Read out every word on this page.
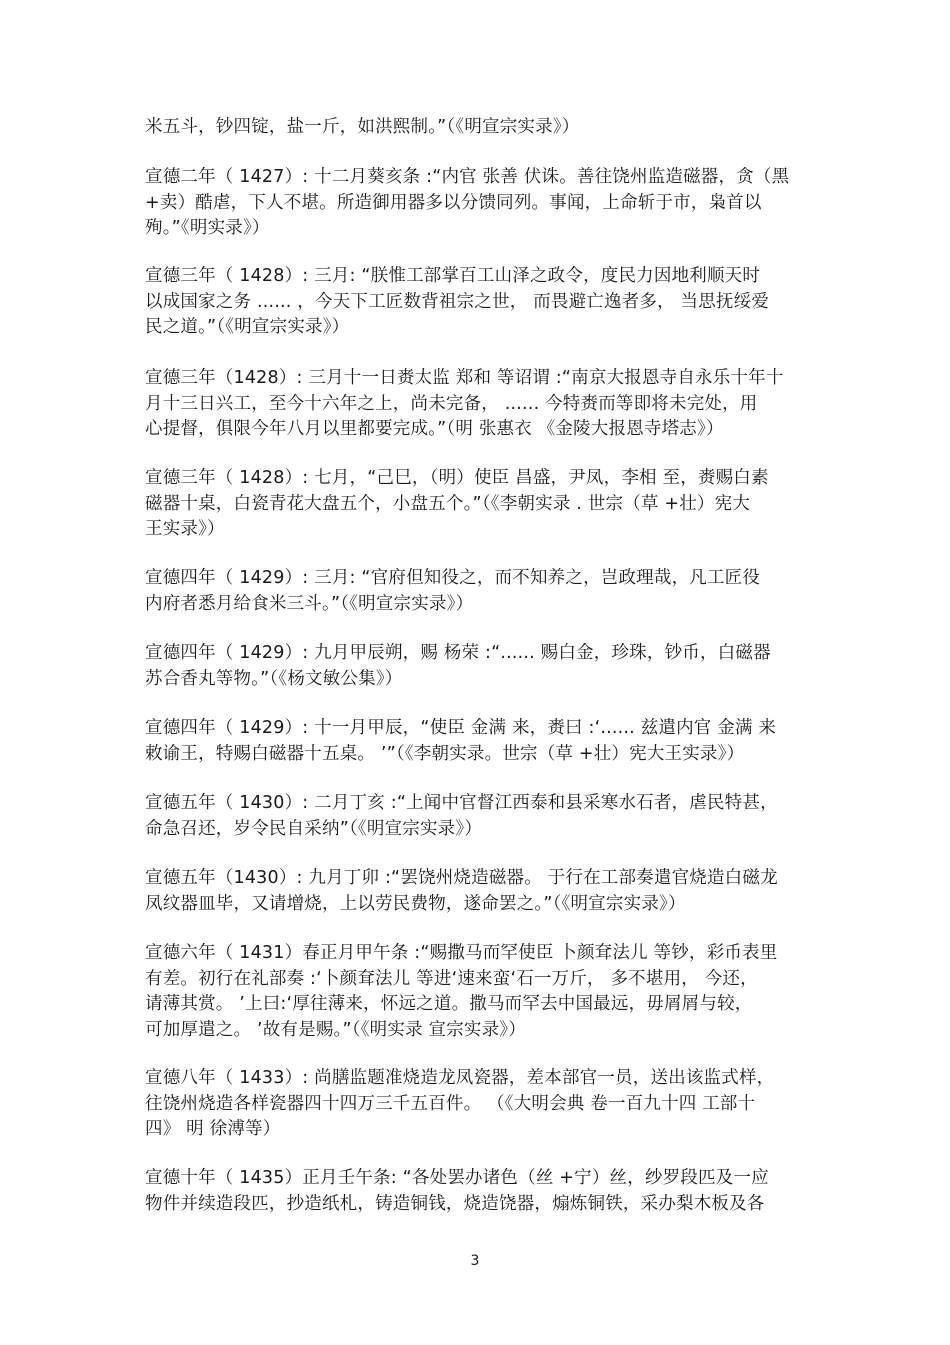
米五斗，钞四锭，盐一斤，如洪熙制。”（《明宣宗实录》）
宣德二年（ 1427）: 十二月葵亥条 :“内官 张善 伏诛。善往饶州监造磁器，贪（黑
+卖）酷虐，下人不堪。所造御用器多以分馈同列。事闻，上命斩于市，枭首以
殉。”《明实录》）
宣德三年（ 1428）: 三月: “朕惟工部掌百工山泽之政令，度民力因地利顺天时
以成国家之务 ...... ，今天下工匠数背祖宗之世， 而畏避亡逸者多， 当思抚绥爱
民之道。”（《明宣宗实录》）
宣德三年（1428）: 三月十一日赉太监 郑和 等诏谓 :“南京大报恩寺自永乐十年十
月十三日兴工，至今十六年之上，尚未完备， ...... 今特赉而等即将未完处，用
心提督，俱限今年八月以里都要完成。”（明 张惠衣 《金陵大报恩寺塔志》）
宣德三年（ 1428）: 七月，“己巳，（明）使臣 昌盛，尹凤，李相 至，赉赐白素
磁器十桌，白瓷青花大盘五个，小盘五个。”（《李朝实录 . 世宗（草 +壮）宪大
王实录》）
宣德四年（ 1429）: 三月: “官府但知役之，而不知养之，岂政理哉，凡工匠役
内府者悉月给食米三斗。”（《明宣宗实录》）
宣德四年（ 1429）: 九月甲辰朔，赐 杨荣 :“...... 赐白金，珍珠，钞币，白磁器
苏合香丸等物。”（《杨文敏公集》）
宣德四年（ 1429）: 十一月甲辰，“使臣 金满 来，赉曰 :‘...... 兹遣内官 金满 来
敕谕王，特赐白磁器十五桌。 ’”（《李朝实录。世宗（草 +壮）宪大王实录》）
宣德五年（ 1430）: 二月丁亥 :“上闻中官督江西泰和县采寒水石者，虐民特甚，
命急召还，岁令民自采纳”（《明宣宗实录》）
宣德五年（1430）: 九月丁卯 :“罢饶州烧造磁器。 于行在工部奏遣官烧造白磁龙
凤纹器皿毕，又请增烧，上以劳民费物，遂命罢之。”（《明宣宗实录》）
宣德六年（ 1431）春正月甲午条 :“赐撒马而罕使臣 卜颜耷法儿 等钞，彩币表里
有差。初行在礼部奏 :‘卜颜耷法儿 等进‘速来蛮‘石一万斤， 多不堪用， 今还，
请薄其赏。 ’上曰:‘厚往薄来，怀远之道。撒马而罕去中国最远，毋屑屑与较，
可加厚遣之。 ’故有是赐。”（《明实录 宣宗实录》）
宣德八年（ 1433）: 尚膳监题准烧造龙凤瓷器，差本部官一员，送出该监式样，
往饶州烧造各样瓷器四十四万三千五百件。 （《大明会典 卷一百九十四 工部十
四》 明 徐溥等）
宣德十年（ 1435）正月壬午条: “各处罢办诸色（丝 +宁）丝，纱罗段匹及一应
物件并续造段匹，抄造纸札，铸造铜钱，烧造饶器，煽炼铜铁，采办梨木板及各
3
